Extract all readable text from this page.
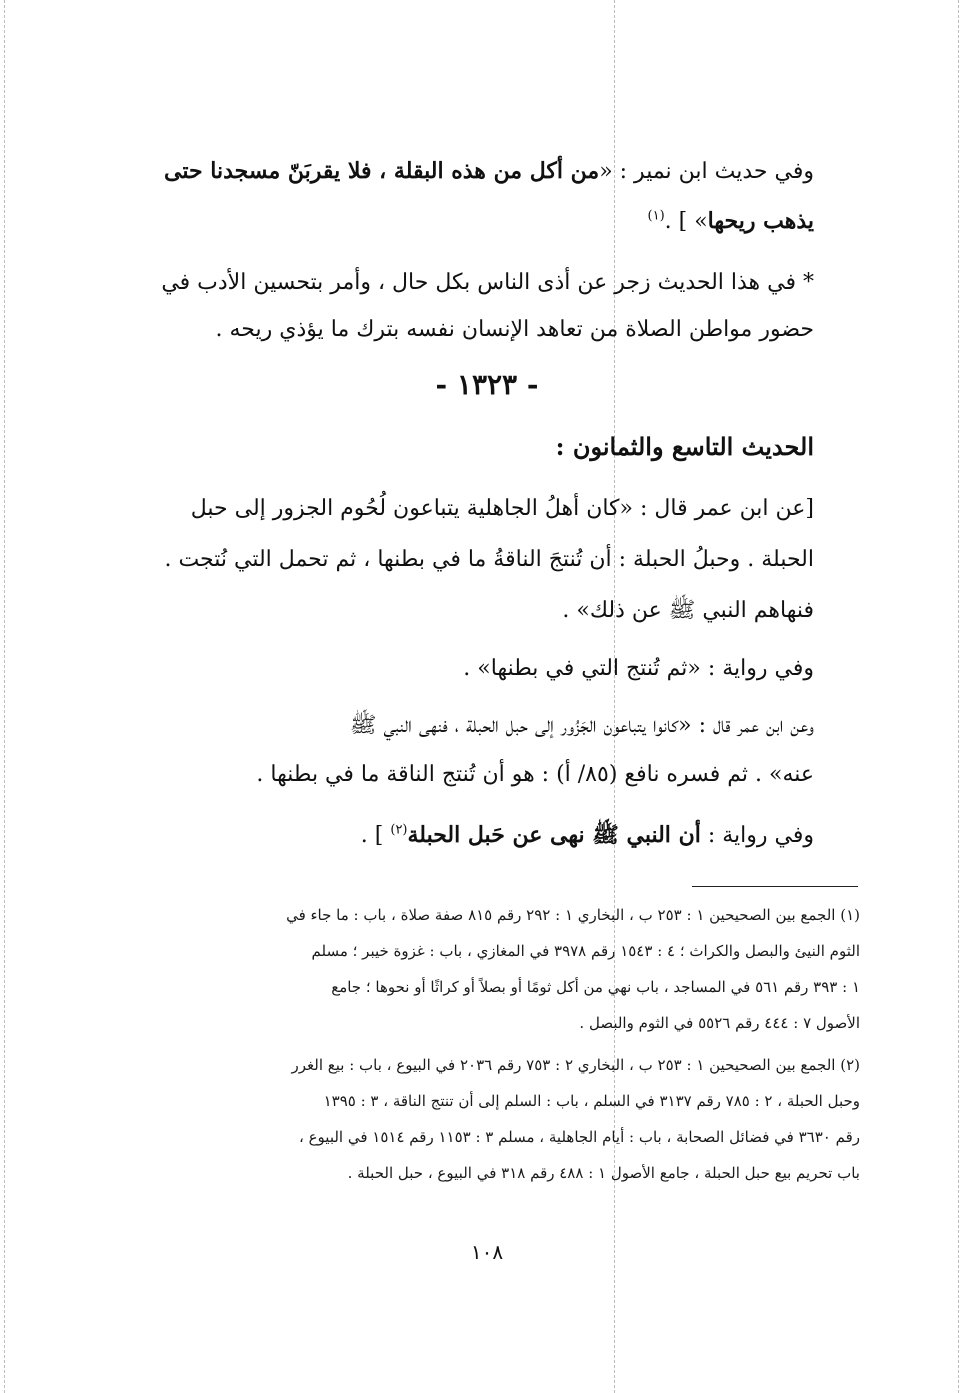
وفي حديث ابن نمير : «من أكل من هذه البقلة ، فلا يقربَنّ مسجدنا حتى
يذهب ريحها» ] .$^{(١)}$
* في هذا الحديث زجر عن أذى الناس بكل حال ، وأمر بتحسين الأدب في
حضور مواطن الصلاة من تعاهد الإنسان نفسه بترك ما يؤذي ريحه .
- ١٣٢٣ -
الحديث التاسع والثمانون :
[عن ابن عمر قال : «كان أهلُ الجاهلية يتباعون لُحُوم الجزور إلى حبل
الحبلة . وحبلُ الحبلة : أن تُنتجَ الناقةُ ما في بطنها ، ثم تحمل التي نُتجت .
فنهاهم النبي ﷺ عن ذلك» .
وفي رواية : «ثم تُنتج التي في بطنها» .
وعن ابن عمر قال : «كانوا يتباعون الجَزُور إلى حبل الحبلة ، فنهى النبي ﷺ
عنه» . ثم فسره نافع (٨٥/ أ) : هو أن تُنتج الناقة ما في بطنها .
وفي رواية : أن النبي ﷺ نهى عن حَبل الحبلة$^{(٢)}$ ] .
(١) الجمع بين الصحيحين ١ : ٢٥٣ ب ، البخاري ١ : ٢٩٢ رقم ٨١٥ صفة صلاة ، باب : ما جاء في
الثوم النيئ والبصل والكراث ؛ ٤ : ١٥٤٣ رقم ٣٩٧٨ في المغازي ، باب : غزوة خيبر ؛ مسلم
١ : ٣٩٣ رقم ٥٦١ في المساجد ، باب نهي من أكل ثومًا أو بصلاً أو كراثًا أو نحوها ؛ جامع
الأصول ٧ : ٤٤٤ رقم ٥٥٢٦ في الثوم والبصل .
(٢) الجمع بين الصحيحين ١ : ٢٥٣ ب ، البخاري ٢ : ٧٥٣ رقم ٢٠٣٦ في البيوع ، باب : بيع الغرر
وحبل الحبلة ، ٢ : ٧٨٥ رقم ٣١٣٧ في السلم ، باب : السلم إلى أن تنتج الناقة ، ٣ : ١٣٩٥
رقم ٣٦٣٠ في فضائل الصحابة ، باب : أيام الجاهلية ، مسلم ٣ : ١١٥٣ رقم ١٥١٤ في البيوع ،
باب تحريم بيع حبل الحبلة ، جامع الأصول ١ : ٤٨٨ رقم ٣١٨ في البيوع ، حبل الحبلة .
١٠٨
